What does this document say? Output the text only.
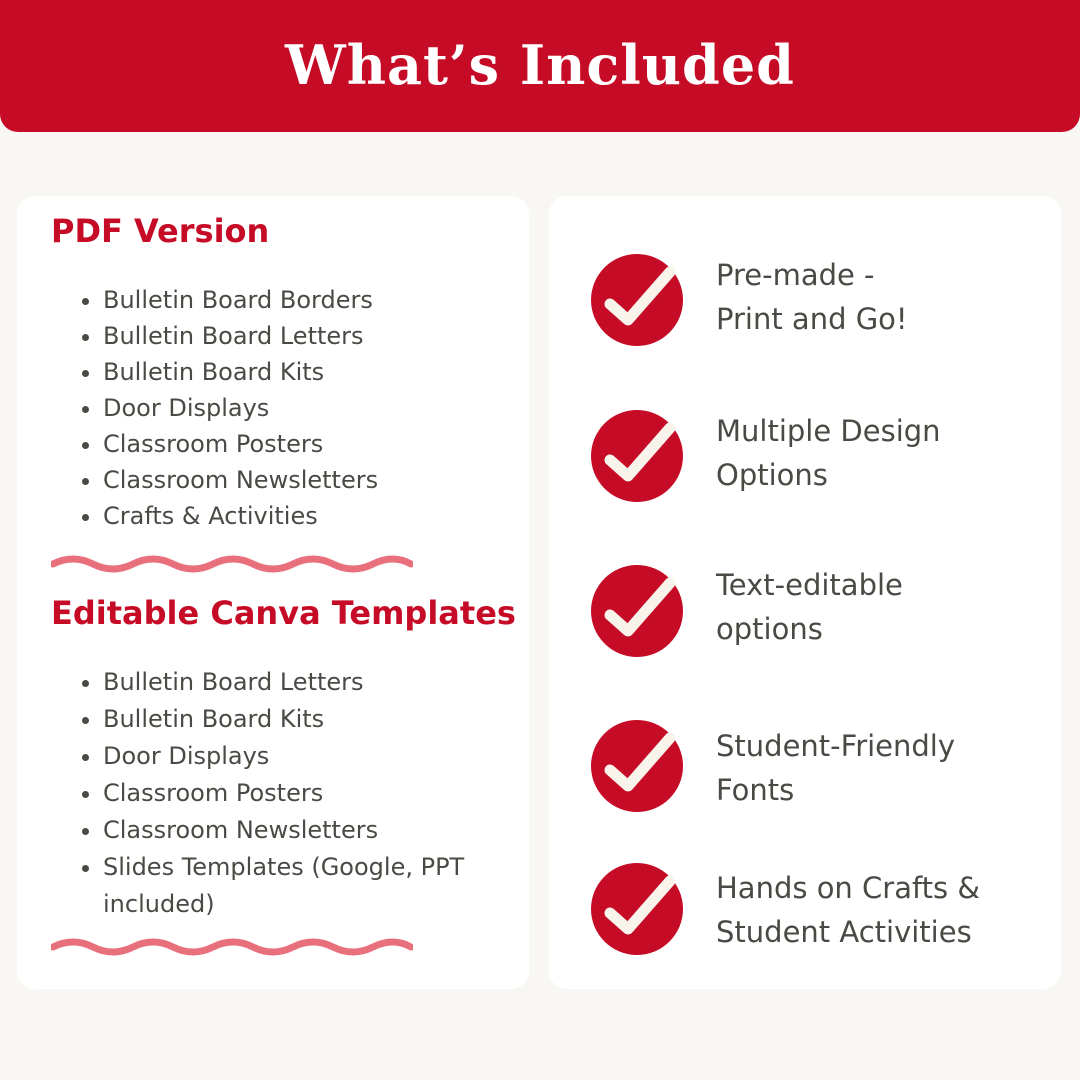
What’s Included
PDF Version
• Bulletin Board Borders
• Bulletin Board Letters
• Bulletin Board Kits
• Door Displays
• Classroom Posters
• Classroom Newsletters
• Crafts & Activities
Editable Canva Templates
• Bulletin Board Letters
• Bulletin Board Kits
• Door Displays
• Classroom Posters
• Classroom Newsletters
• Slides Templates (Google, PPT included)
Pre-made -
Print and Go!
Multiple Design
Options
Text-editable
options
Student-Friendly
Fonts
Hands on Crafts &
Student Activities
